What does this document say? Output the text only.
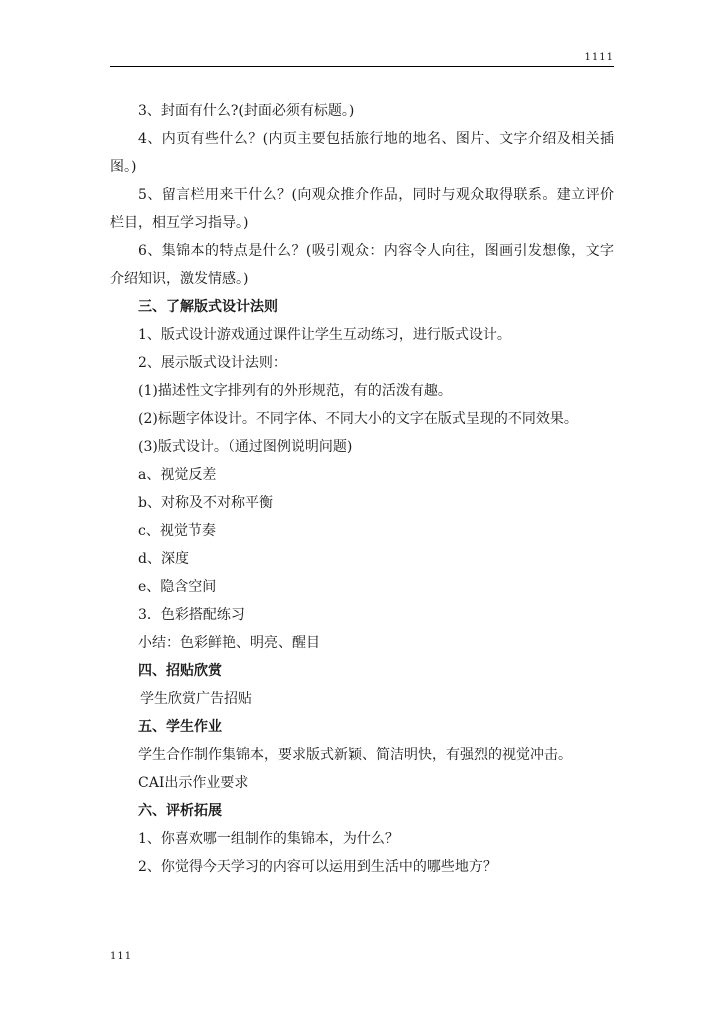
1111

3、封面有什么?(封面必须有标题。)

4、内页有些什么？(内页主要包括旅行地的地名、图片、文字介绍及相关插图。)

5、留言栏用来干什么？(向观众推介作品，同时与观众取得联系。建立评价栏目，相互学习指导。)

6、集锦本的特点是什么？(吸引观众：内容令人向往，图画引发想像，文字介绍知识，激发情感。)

三、了解版式设计法则

1、版式设计游戏通过课件让学生互动练习，进行版式设计。

2、展示版式设计法则：

(1)描述性文字排列有的外形规范，有的活泼有趣。

(2)标题字体设计。不同字体、不同大小的文字在版式呈现的不同效果。

(3)版式设计。（通过图例说明问题)

a、视觉反差

b、对称及不对称平衡

c、视觉节奏

d、深度

e、隐含空间

3．色彩搭配练习

小结：色彩鲜艳、明亮、醒目

四、招贴欣赏

学生欣赏广告招贴

五、学生作业

学生合作制作集锦本，要求版式新颖、简洁明快，有强烈的视觉冲击。

CAI出示作业要求

六、评析拓展

1、你喜欢哪一组制作的集锦本，为什么？

2、你觉得今天学习的内容可以运用到生活中的哪些地方？

111
